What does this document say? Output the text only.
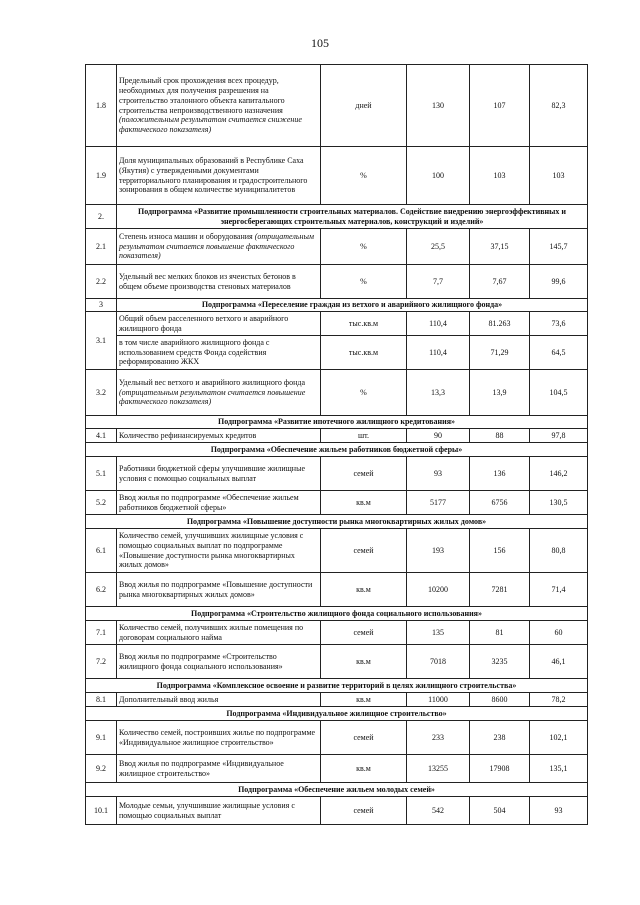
105
1.8	Предельный срок прохождения всех процедур, необходимых для получения разрешения на строительство эталонного объекта капитального строительства непроизводственного назначения (положительным результатом считается снижение фактического показателя)	дней	130	107	82,3
1.9	Доля муниципальных образований в Республике Саха (Якутия) с утвержденными документами территориального планирования и градостроительного зонирования в общем количестве муниципалитетов	%	100	103	103
2.	Подпрограмма «Развитие промышленности строительных материалов. Содействие внедрению энергоэффективных и энергосберегающих строительных материалов, конструкций и изделий»				
2.1	Степень износа машин и оборудования (отрицательным результатом считается повышение фактического показателя)	%	25,5	37,15	145,7
2.2	Удельный вес мелких блоков из ячеистых бетонов в общем объеме производства стеновых материалов	%	7,7	7,67	99,6
3	Подпрограмма «Переселение граждан из ветхого и аварийного жилищного фонда»				
3.1	Общий объем расселенного ветхого и аварийного жилищного фонда	тыс.кв.м	110,4	81.263	73,6
	в том числе аварийного жилищного фонда с использованием средств Фонда содействия реформированию ЖКХ	тыс.кв.м	110,4	71,29	64,5
3.2	Удельный вес ветхого и аварийного жилищного фонда (отрицательным результатом считается повышение фактического показателя)	%	13,3	13,9	104,5
Подпрограмма «Развитие ипотечного жилищного кредитования»					
4.1	Количество рефинансируемых кредитов	шт.	90	88	97,8
Подпрограмма «Обеспечение жильем работников бюджетной сферы»					
5.1	Работники бюджетной сферы улучшившие жилищные условия с помощью социальных выплат	семей	93	136	146,2
5.2	Ввод жилья по подпрограмме «Обеспечение жильем работников бюджетной сферы»	кв.м	5177	6756	130,5
Подпрограмма «Повышение доступности рынка многоквартирных жилых домов»					
6.1	Количество семей, улучшивших жилищные условия с помощью социальных выплат по подпрограмме «Повышение доступности рынка многоквартирных жилых домов»	семей	193	156	80,8
6.2	Ввод жилья по подпрограмме «Повышение доступности рынка многоквартирных жилых домов»	кв.м	10200	7281	71,4
Подпрограмма «Строительство жилищного фонда социального использования»					
7.1	Количество семей, получивших жилые помещения по договорам социального найма	семей	135	81	60
7.2	Ввод жилья по подпрограмме «Строительство жилищного фонда социального использования»	кв.м	7018	3235	46,1
Подпрограмма «Комплексное освоение и развитие территорий в целях жилищного строительства»					
8.1	Дополнительный ввод жилья	кв.м	11000	8600	78,2
Подпрограмма «Индивидуальное жилищное строительство»					
9.1	Количество семей, построивших жилье по подпрограмме «Индивидуальное жилищное строительство»	семей	233	238	102,1
9.2	Ввод жилья по подпрограмме «Индивидуальное жилищное строительство»	кв.м	13255	17908	135,1
Подпрограмма «Обеспечение жильем молодых семей»					
10.1	Молодые семьи, улучшившие жилищные условия с помощью социальных выплат	семей	542	504	93
